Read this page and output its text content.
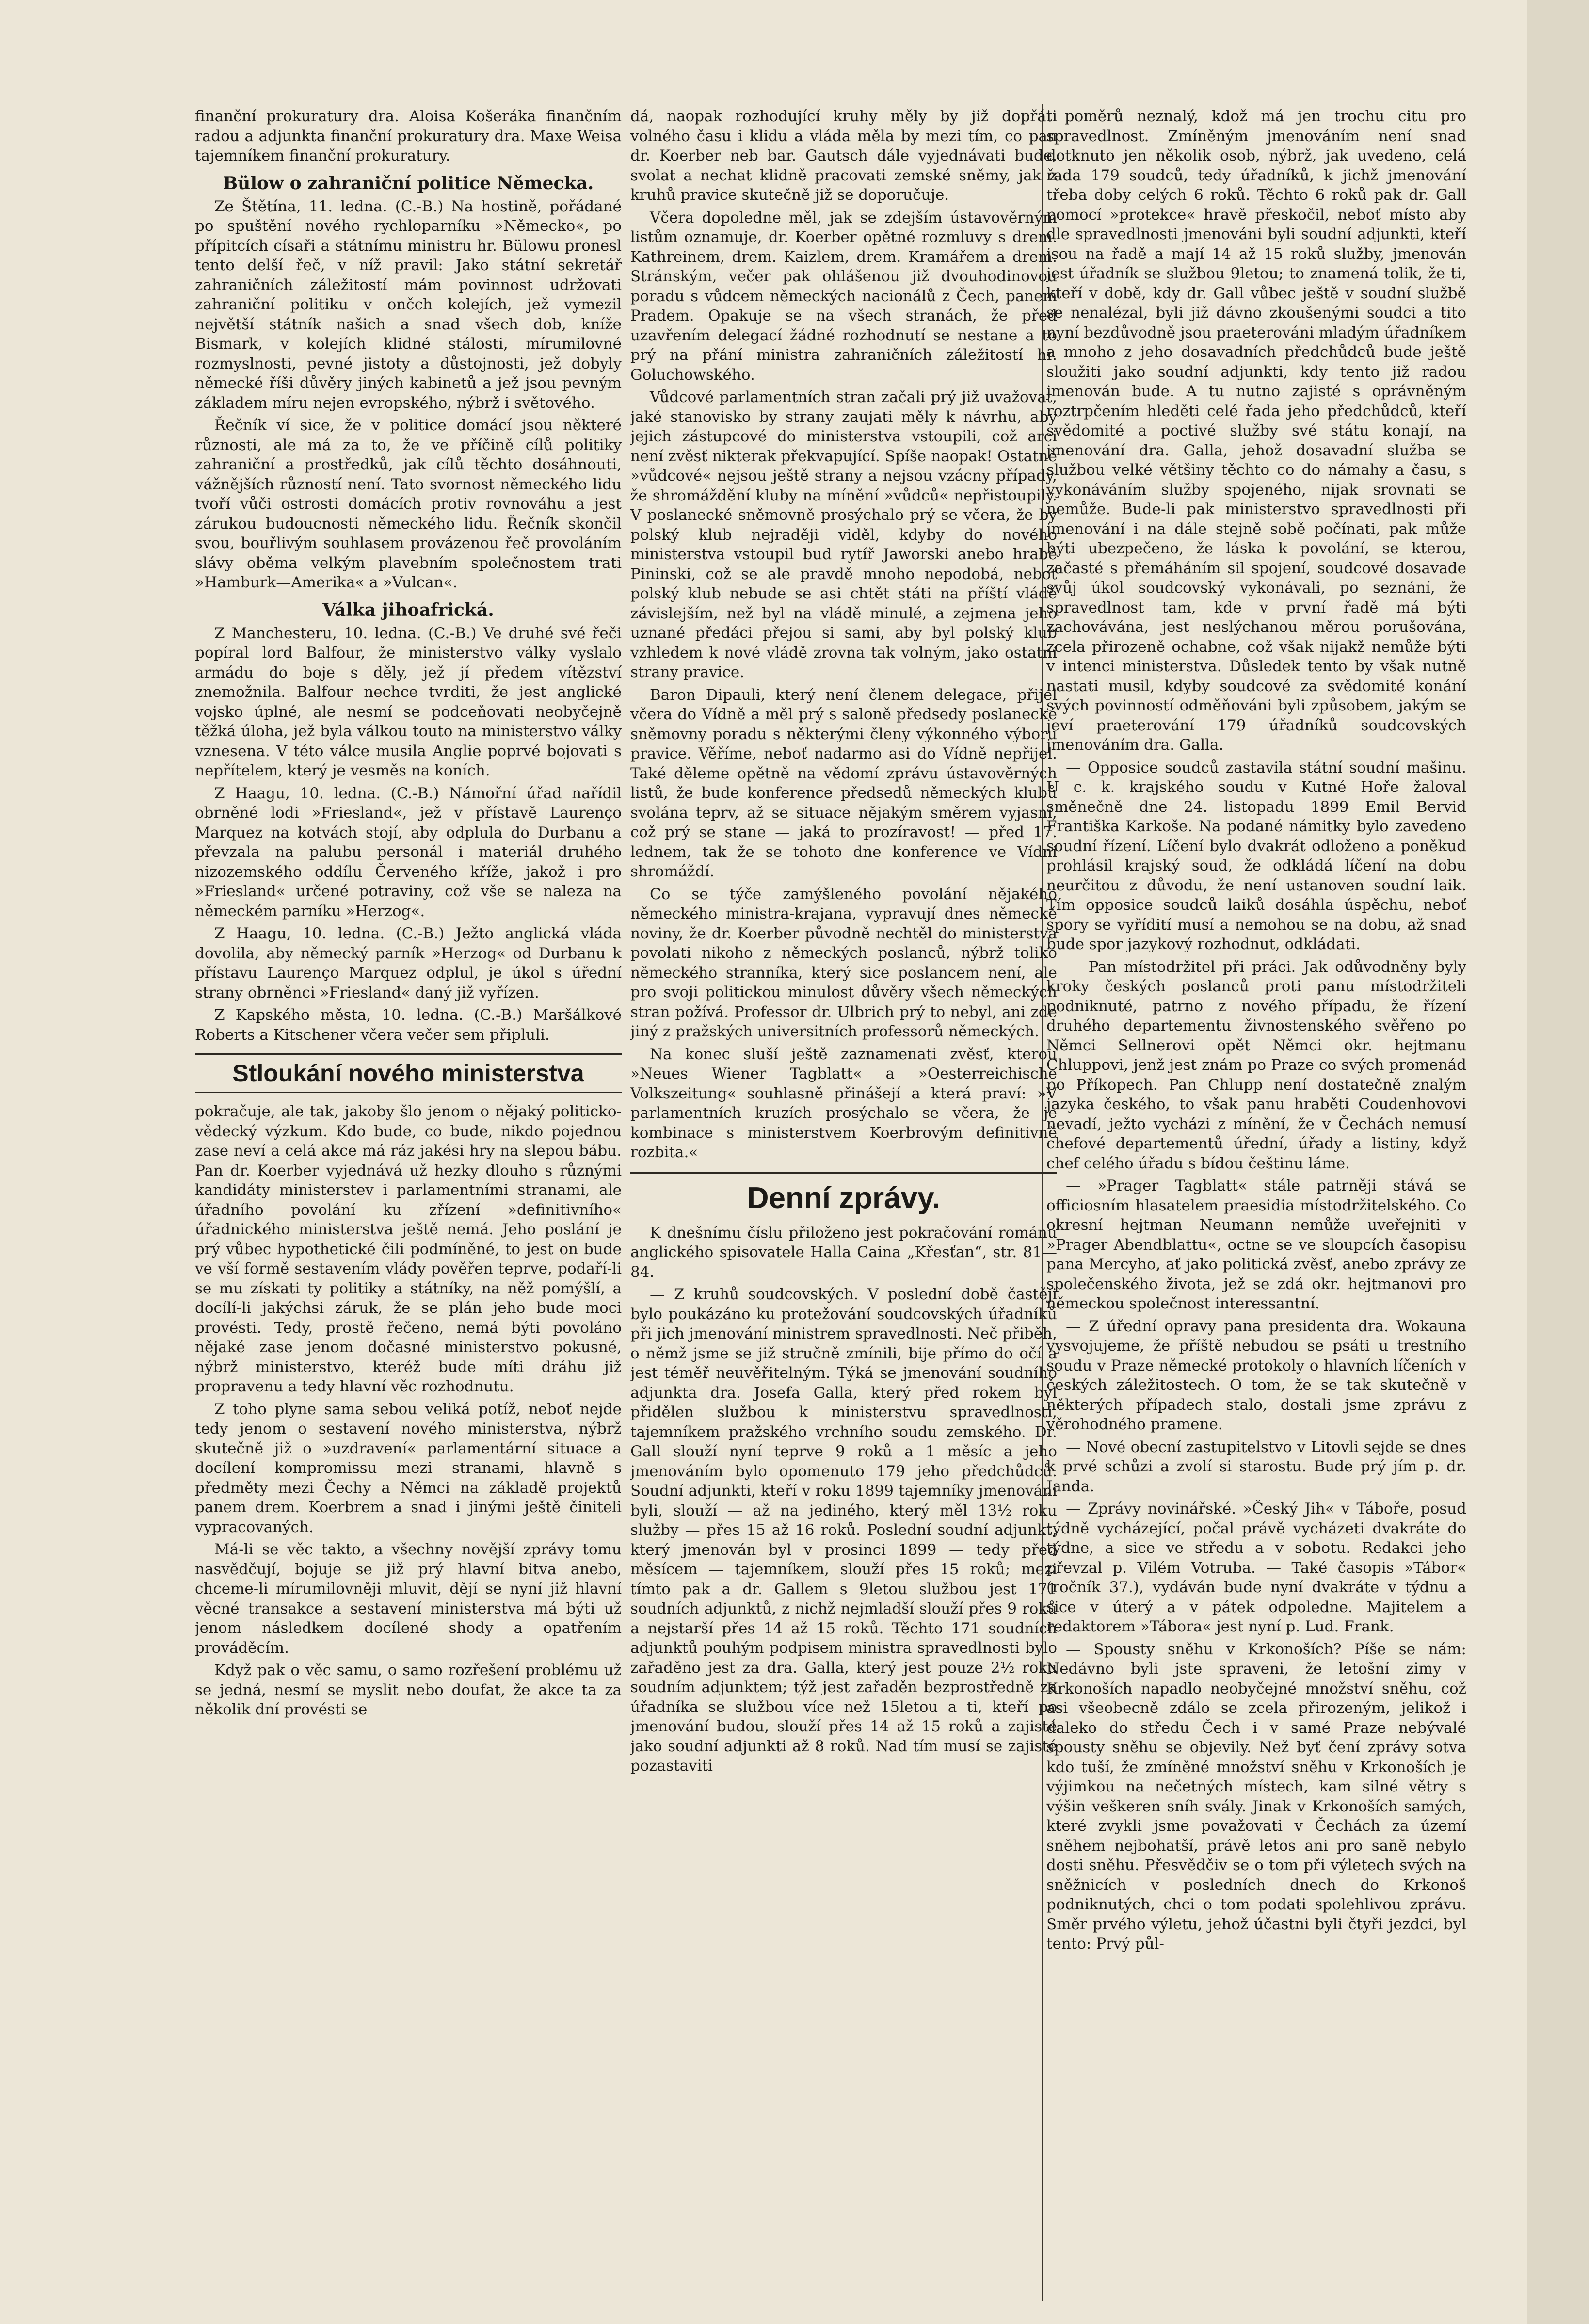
finanční prokuratury dra. Aloisa Košeráka finančním radou a adjunkta finanční prokuratury dra. Maxe Weisa tajemníkem finanční prokuratury.

Bülow o zahraniční politice Německa.

Ze Štětína, 11. ledna. (C.-B.) Na hostině, pořádané po spuštění nového rychloparníku »Německo«, po přípitcích císaři a státnímu ministru hr. Bülowu pronesl tento delší řeč, v níž pravil: Jako státní sekretář zahraničních záležitostí mám povinnost udržovati zahraniční politiku v ončch kolejích, jež vymezil největší státník našich a snad všech dob, kníže Bismark, v kolejích klidné stálosti, mírumilovné rozmyslnosti, pevné jistoty a důstojnosti, jež dobyly německé říši důvěry jiných kabinetů a jež jsou pevným základem míru nejen evropského, nýbrž i světového.

Řečník ví sice, že v politice domácí jsou některé různosti, ale má za to, že ve příčině cílů politiky zahraniční a prostředků, jak cílů těchto dosáhnouti, vážnějších růzností není. Tato svornost německého lidu tvoří vůči ostrosti domácích protiv rovnováhu a jest zárukou budoucnosti německého lidu. Řečník skončil svou, bouřlivým souhlasem provázenou řeč provoláním slávy oběma velkým plavebním společnostem trati »Hamburk—Amerika« a »Vulcan«.

Válka jihoafrická.

Z Manchesteru, 10. ledna. (C.-B.) Ve druhé své řeči popíral lord Balfour, že ministerstvo války vyslalo armádu do boje s děly, jež jí předem vítězství znemožnila. Balfour nechce tvrditi, že jest anglické vojsko úplné, ale nesmí se podceňovati neobyčejně těžká úloha, jež byla válkou touto na ministerstvo války vznesena. V této válce musila Anglie poprvé bojovati s nepřítelem, který je vesměs na koních.

Z Haagu, 10. ledna. (C.-B.) Námořní úřad nařídil obrněné lodi »Friesland«, jež v přístavě Laurenço Marquez na kotvách stojí, aby odplula do Durbanu a převzala na palubu personál i materiál druhého nizozemského oddílu Červeného kříže, jakož i pro »Friesland« určené potraviny, což vše se naleza na německém parníku »Herzog«.

Z Haagu, 10. ledna. (C.-B.) Ježto anglická vláda dovolila, aby německý parník »Herzog« od Durbanu k přístavu Laurenço Marquez odplul, je úkol s úřední strany obrněnci »Friesland« daný již vyřízen.

Z Kapského města, 10. ledna. (C.-B.) Maršálkové Roberts a Kitschener včera večer sem připluli.

Stloukání nového ministerstva

pokračuje, ale tak, jakoby šlo jenom o nějaký politicko-vědecký výzkum. Kdo bude, co bude, nikdo pojednou zase neví a celá akce má ráz jakési hry na slepou bábu. Pan dr. Koerber vyjednává už hezky dlouho s různými kandidáty ministerstev i parlamentními stranami, ale úřadního povolání ku zřízení »definitivního« úřadnického ministerstva ještě nemá. Jeho poslání je prý vůbec hypothetické čili podmíněné, to jest on bude ve vší formě sestavením vlády pověřen teprve, podaří-li se mu získati ty politiky a státníky, na něž pomýšlí, a docílí-li jakýchsi záruk, že se plán jeho bude moci provésti. Tedy, prostě řečeno, nemá býti povoláno nějaké zase jenom dočasné ministerstvo pokusné, nýbrž ministerstvo, kteréž bude míti dráhu již propravenu a tedy hlavní věc rozhodnutu.

Z toho plyne sama sebou veliká potíž, neboť nejde tedy jenom o sestavení nového ministerstva, nýbrž skutečně již o »uzdravení« parlamentární situace a docílení kompromissu mezi stranami, hlavně s předměty mezi Čechy a Němci na základě projektů panem drem. Koerbrem a snad i jinými ještě činiteli vypracovaných.

Má-li se věc takto, a všechny novější zprávy tomu nasvědčují, bojuje se již prý hlavní bitva anebo, chceme-li mírumilovněji mluvit, dějí se nyní již hlavní věcné transakce a sestavení ministerstva má býti už jenom následkem docílené shody a opatřením prováděcím.

Když pak o věc samu, o samo rozřešení problému už se jedná, nesmí se myslit nebo doufat, že akce ta za několik dní provésti se

dá, naopak rozhodující kruhy měly by již dopřáti volného času i klidu a vláda měla by mezi tím, co pan dr. Koerber neb bar. Gautsch dále vyjednávati bude, svolat a nechat klidně pracovati zemské sněmy, jak z kruhů pravice skutečně již se doporučuje.

Včera dopoledne měl, jak se zdejším ústavověrným listům oznamuje, dr. Koerber opětné rozmluvy s drem. Kathreinem, drem. Kaizlem, drem. Kramářem a drem. Stránským, večer pak ohlášenou již dvouhodinovou poradu s vůdcem německých nacionálů z Čech, panem Pradem. Opakuje se na všech stranách, že před uzavřením delegací žádné rozhodnutí se nestane a to prý na přání ministra zahraničních záležitostí hr. Goluchowského.

Vůdcové parlamentních stran začali prý již uvažovat, jaké stanovisko by strany zaujati měly k návrhu, aby jejich zástupcové do ministerstva vstoupili, což arci není zvěsť nikterak překvapující. Spíše naopak! Ostatně »vůdcové« nejsou ještě strany a nejsou vzácny případy, že shromáždění kluby na mínění »vůdců« nepřistoupily. V poslanecké sněmovně prosýchalo prý se včera, že by polský klub nejraději viděl, kdyby do nového ministerstva vstoupil bud rytíř Jaworski anebo hrabě Pininski, což se ale pravdě mnoho nepodobá, neboť polský klub nebude se asi chtět státi na příští vládě závislejším, než byl na vládě minulé, a zejmena jeho uznané předáci přejou si sami, aby byl polský klub vzhledem k nové vládě zrovna tak volným, jako ostatní strany pravice.

Baron Dipauli, který není členem delegace, přijel včera do Vídně a měl prý s saloně předsedy poslanecké sněmovny poradu s některými členy výkonného výboru pravice. Věříme, neboť nadarmo asi do Vídně nepřijel. Také děleme opětně na vědomí zprávu ústavověrných listů, že bude konference předsedů německých klubů svolána teprv, až se situace nějakým směrem vyjasní, což prý se stane — jaká to prozíravost! — před 17. lednem, tak že se tohoto dne konference ve Vídni shromáždí.

Co se týče zamýšleného povolání nějakého německého ministra-krajana, vypravují dnes německé noviny, že dr. Koerber původně nechtěl do ministerstva povolati nikoho z německých poslanců, nýbrž toliko německého stranníka, který sice poslancem není, ale pro svoji politickou minulost důvěry všech německých stran požívá. Professor dr. Ulbrich prý to nebyl, ani zde jiný z pražských universitních professorů německých.

Na konec sluší ještě zaznamenati zvěsť, kterou »Neues Wiener Tagblatt« a »Oesterreichische Volkszeitung« souhlasně přinášejí a která praví: »V parlamentních kruzích prosýchalo se včera, že je kombinace s ministerstvem Koerbrovým definitivně rozbita.«

Denní zprávy.

K dnešnímu číslu přiloženo jest pokračování románu anglického spisovatele Halla Caina „Křesťan“, str. 81—84.

— Z kruhů soudcovských. V poslední době častěji bylo poukázáno ku protežování soudcovských úřadníků při jich jmenování ministrem spravedlnosti. Neč přiběh, o němž jsme se již stručně zmínili, bije přímo do očí a jest téměř neuvěřitelným. Týká se jmenování soudního adjunkta dra. Josefa Galla, který před rokem byl přidělen službou k ministerstvu spravedlnosti, tajemníkem pražského vrchního soudu zemského. Dr. Gall slouží nyní teprve 9 roků a 1 měsíc a jeho jmenováním bylo opomenuto 179 jeho předchůdců. Soudní adjunkti, kteří v roku 1899 tajemníky jmenováni byli, slouží — až na jediného, který měl 13½ roku služby — přes 15 až 16 roků. Poslední soudní adjunkt, který jmenován byl v prosinci 1899 — tedy před měsícem — tajemníkem, slouží přes 15 roků; mezi tímto pak a dr. Gallem s 9letou službou jest 171 soudních adjunktů, z nichž nejmladší slouží přes 9 roků a nejstarší přes 14 až 15 roků. Těchto 171 soudních adjunktů pouhým podpisem ministra spravedlnosti bylo zařaděno jest za dra. Galla, který jest pouze 2½ roku soudním adjunktem; týž jest zařaděn bezprostředně za úřadníka se službou více než 15letou a ti, kteří po jmenování budou, slouží přes 14 až 15 roků a zajisté jako soudní adjunkti až 8 roků. Nad tím musí se zajisté pozastaviti

i poměrů neznalý, kdož má jen trochu citu pro spravedlnost. Zmíněným jmenováním není snad dotknuto jen několik osob, nýbrž, jak uvedeno, celá řada 179 soudců, tedy úřadníků, k jichž jmenování třeba doby celých 6 roků. Těchto 6 roků pak dr. Gall pomocí »protekce« hravě přeskočil, neboť místo aby dle spravedlnosti jmenováni byli soudní adjunkti, kteří jsou na řadě a mají 14 až 15 roků služby, jmenován jest úřadník se službou 9letou; to znamená tolik, že ti, kteří v době, kdy dr. Gall vůbec ještě v soudní službě se nenalézal, byli již dávno zkoušenými soudci a tito nyní bezdůvodně jsou praeterováni mladým úřadníkem a mnoho z jeho dosavadních předchůdců bude ještě sloužiti jako soudní adjunkti, kdy tento již radou jmenován bude. A tu nutno zajisté s oprávněným roztrpčením hleděti celé řada jeho předchůdců, kteří svědomité a poctivé služby své státu konají, na jmenování dra. Galla, jehož dosavadní služba se službou velké většiny těchto co do námahy a času, s vykonáváním služby spojeného, nijak srovnati se nemůže. Bude-li pak ministerstvo spravedlnosti při jmenování i na dále stejně sobě počínati, pak může býti ubezpečeno, že láska k povolání, se kterou, začasté s přemáháním sil spojení, soudcové dosavade svůj úkol soudcovský vykonávali, po seznání, že spravedlnost tam, kde v první řadě má býti zachovávána, jest neslýchanou měrou porušována, zcela přirozeně ochabne, což však nijakž nemůže býti v intenci ministerstva. Důsledek tento by však nutně nastati musil, kdyby soudcové za svědomité konání svých povinností odměňováni byli způsobem, jakým se jeví praeterování 179 úřadníků soudcovských jmenováním dra. Galla.

— Opposice soudců zastavila státní soudní mašinu. U c. k. krajského soudu v Kutné Hoře žaloval směnečně dne 24. listopadu 1899 Emil Bervid Františka Karkoše. Na podané námitky bylo zavedeno soudní řízení. Líčení bylo dvakrát odloženo a poněkud prohlásil krajský soud, že odkládá líčení na dobu neurčitou z důvodu, že není ustanoven soudní laik. Tím opposice soudců laiků dosáhla úspěchu, neboť spory se vyřídití musí a nemohou se na dobu, až snad bude spor jazykový rozhodnut, odkládati.

— Pan místodržitel při práci. Jak odůvodněny byly kroky českých poslanců proti panu místodržiteli podniknuté, patrno z nového případu, že řízení druhého departementu živnostenského svěřeno po Němci Sellnerovi opět Němci okr. hejtmanu Chluppovi, jenž jest znám po Praze co svých promenád po Příkopech. Pan Chlupp není dostatečně znalým jazyka českého, to však panu hraběti Coudenhovovi nevadí, ježto vycházi z mínění, že v Čechách nemusí chefové departementů úřední, úřady a listiny, když chef celého úřadu s bídou češtinu láme.

— »Prager Tagblatt« stále patrněji stává se officiosním hlasatelem praesidia místodržitelského. Co okresní hejtman Neumann nemůže uveřejniti v »Prager Abendblattu«, octne se ve sloupcích časopisu pana Mercyho, ať jako politická zvěsť, anebo zprávy ze společenského života, jež se zdá okr. hejtmanovi pro německou společnost interessantní.

— Z úřední opravy pana presidenta dra. Wokauna vysvojujeme, že příště nebudou se psáti u trestního soudu v Praze německé protokoly o hlavních líčeních v českých záležitostech. O tom, že se tak skutečně v některých případech stalo, dostali jsme zprávu z věrohodného pramene.

— Nové obecní zastupitelstvo v Litovli sejde se dnes k prvé schůzi a zvolí si starostu. Bude prý jím p. dr. Janda.

— Zprávy novinářské. »Český Jih« v Táboře, posud týdně vycházející, počal právě vycházeti dvakráte do týdne, a sice ve středu a v sobotu. Redakci jeho převzal p. Vilém Votruba. — Také časopis »Tábor« (ročník 37.), vydáván bude nyní dvakráte v týdnu a sice v úterý a v pátek odpoledne. Majitelem a redaktorem »Tábora« jest nyní p. Lud. Frank.

— Spousty sněhu v Krkonoších? Píše se nám: Nedávno byli jste spraveni, že letošní zimy v Krkonoších napadlo neobyčejné množství sněhu, což asi všeobecně zdálo se zcela přirozeným, jelikož i daleko do středu Čech i v samé Praze nebývalé spousty sněhu se objevily. Než byť čení zprávy sotva kdo tuší, že zmíněné množství sněhu v Krkonoších je výjimkou na nečetných místech, kam silné větry s výšin veškeren sníh svály. Jinak v Krkonoších samých, které zvykli jsme považovati v Čechách za území sněhem nejbohatší, právě letos ani pro saně nebylo dosti sněhu. Přesvědčiv se o tom při výletech svých na sněžnicích v posledních dnech do Krkonoš podniknutých, chci o tom podati spolehlivou zprávu. Směr prvého výletu, jehož účastni byli čtyři jezdci, byl tento: Prvý půl-
